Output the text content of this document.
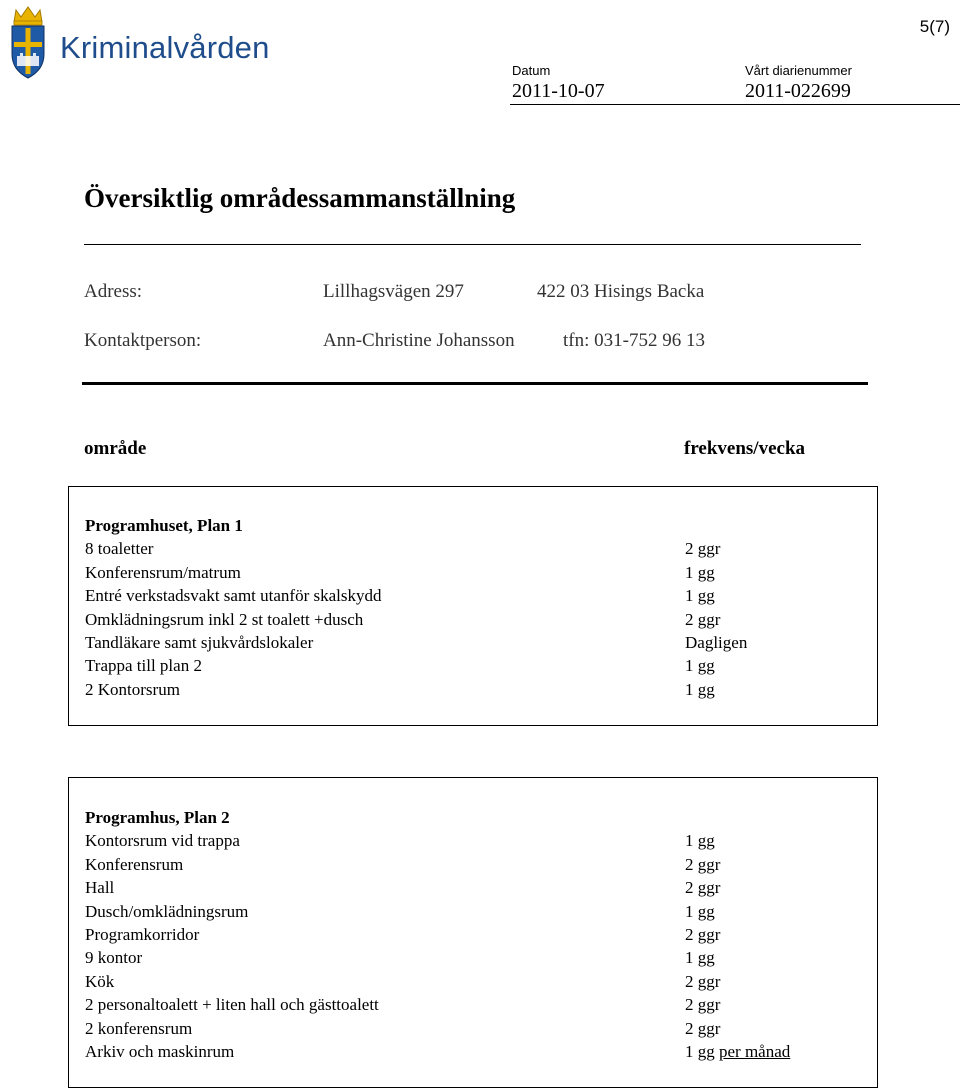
Kriminalvården
5(7)
Datum
2011-10-07
Vårt diarienummer
2011-022699
Översiktlig områdessammanställning
Adress:	Lillhagsvägen 297	422 03 Hisings Backa
Kontaktperson:	Ann-Christine Johansson	tfn: 031-752 96 13
område	frekvens/vecka
Programhuset, Plan 1
8 toaletter	2 ggr
Konferensrum/matrum	1 gg
Entré verkstadsvakt samt utanför skalskydd	1 gg
Omklädningsrum inkl 2 st toalett +dusch	2 ggr
Tandläkare samt sjukvårdslokaler	Dagligen
Trappa till plan 2	1 gg
2 Kontorsrum	1 gg
Programhus, Plan 2
Kontorsrum vid trappa	1 gg
Konferensrum	2 ggr
Hall	2 ggr
Dusch/omklädningsrum	1 gg
Programkorridor	2 ggr
9 kontor	1 gg
Kök	2 ggr
2 personaltoalett + liten hall och gästtoalett	2 ggr
2 konferensrum	2 ggr
Arkiv och maskinrum	1 gg per månad
